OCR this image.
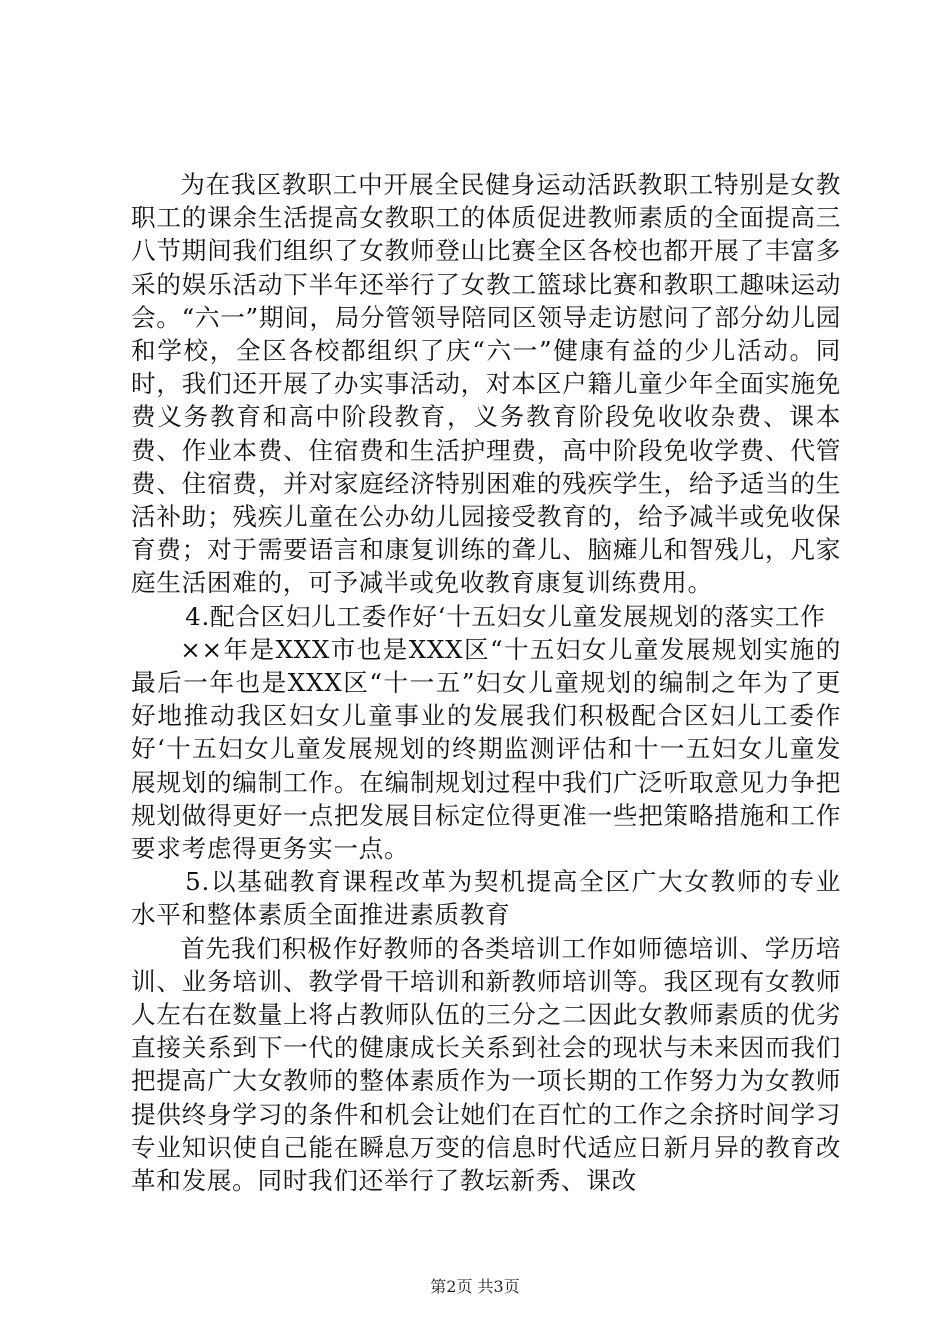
为在我区教职工中开展全民健身运动活跃教职工特别是女教职工的课余生活提高女教职工的体质促进教师素质的全面提高三八节期间我们组织了女教师登山比赛全区各校也都开展了丰富多采的娱乐活动下半年还举行了女教工篮球比赛和教职工趣味运动会。“六一”期间，局分管领导陪同区领导走访慰问了部分幼儿园和学校，全区各校都组织了庆“六一”健康有益的少儿活动。同时，我们还开展了办实事活动，对本区户籍儿童少年全面实施免费义务教育和高中阶段教育，义务教育阶段免收收杂费、课本费、作业本费、住宿费和生活护理费，高中阶段免收学费、代管费、住宿费，并对家庭经济特别困难的残疾学生，给予适当的生活补助；残疾儿童在公办幼儿园接受教育的，给予减半或免收保育费；对于需要语言和康复训练的聋儿、脑瘫儿和智残儿，凡家庭生活困难的，可予减半或免收教育康复训练费用。

4.配合区妇儿工委作好‘十五妇女儿童发展规划的落实工作

××年是XXX市也是XXX区“十五妇女儿童发展规划实施的最后一年也是XXX区“十一五”妇女儿童规划的编制之年为了更好地推动我区妇女儿童事业的发展我们积极配合区妇儿工委作好‘十五妇女儿童发展规划的终期监测评估和十一五妇女儿童发展规划的编制工作。在编制规划过程中我们广泛听取意见力争把规划做得更好一点把发展目标定位得更准一些把策略措施和工作要求考虑得更务实一点。

5.以基础教育课程改革为契机提高全区广大女教师的专业水平和整体素质全面推进素质教育

首先我们积极作好教师的各类培训工作如师德培训、学历培训、业务培训、教学骨干培训和新教师培训等。我区现有女教师人左右在数量上将占教师队伍的三分之二因此女教师素质的优劣直接关系到下一代的健康成长关系到社会的现状与未来因而我们把提高广大女教师的整体素质作为一项长期的工作努力为女教师提供终身学习的条件和机会让她们在百忙的工作之余挤时间学习专业知识使自己能在瞬息万变的信息时代适应日新月异的教育改革和发展。同时我们还举行了教坛新秀、课改

第2页 共3页
